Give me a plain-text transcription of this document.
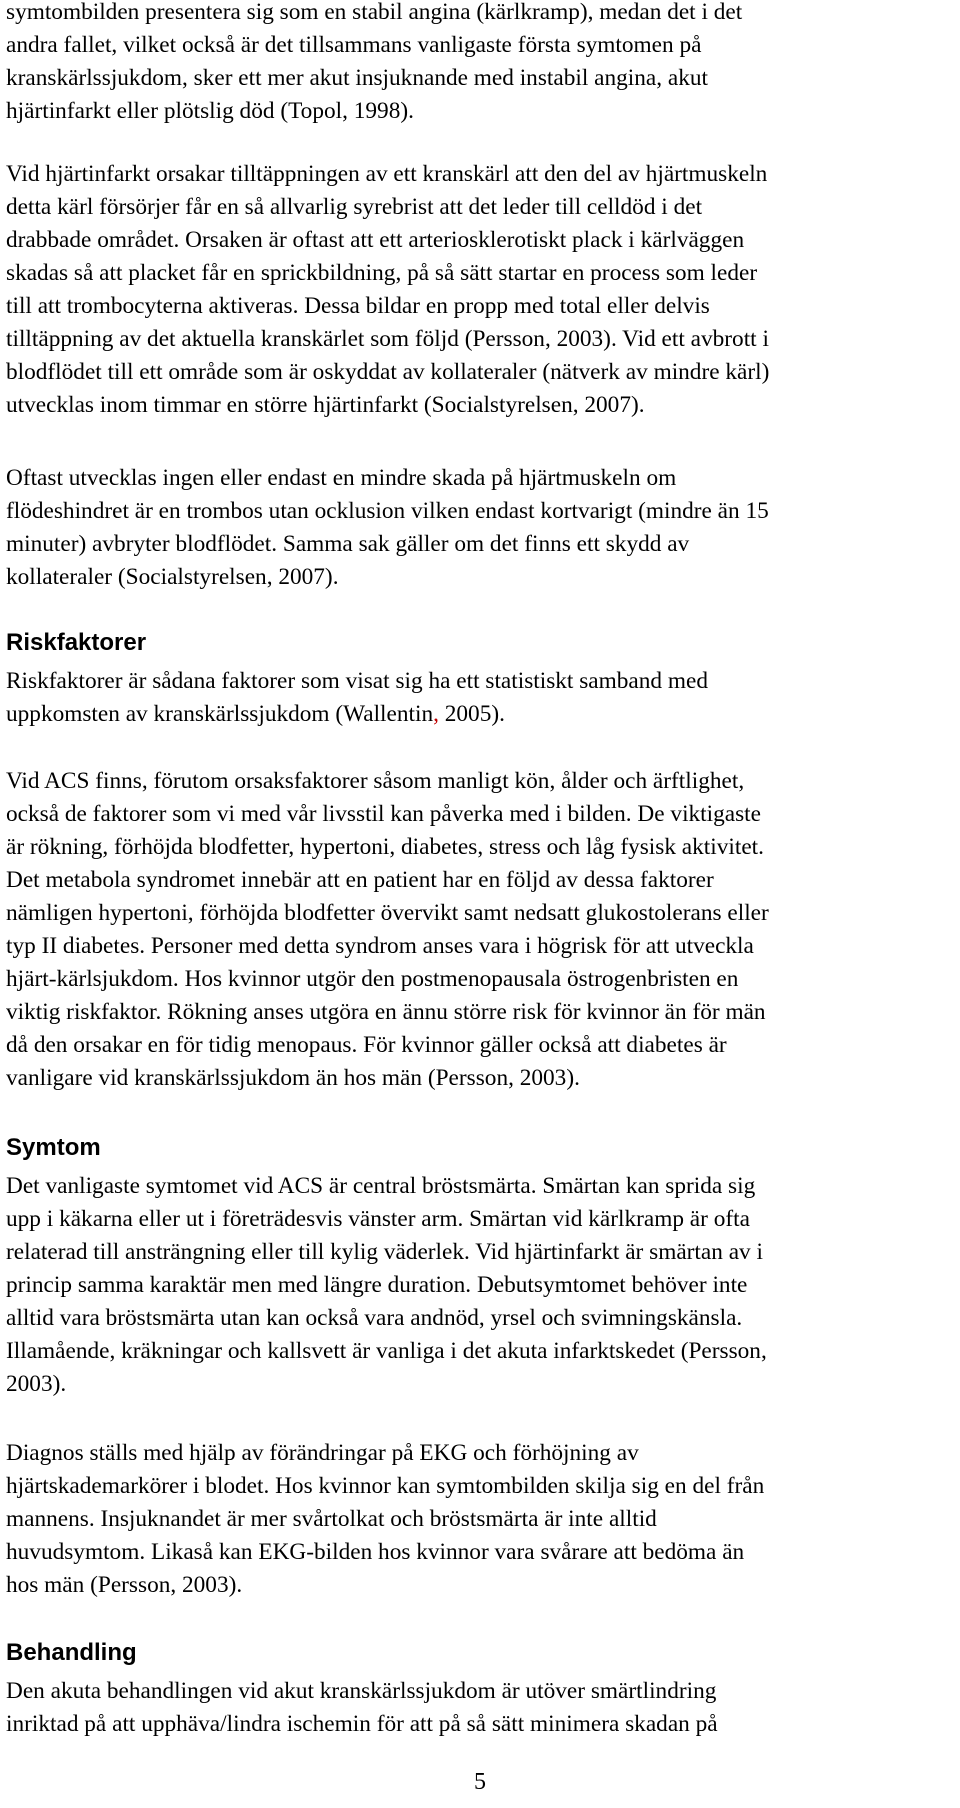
symtombilden presentera sig som en stabil angina (kärlkramp), medan det i det
andra fallet, vilket också är det tillsammans vanligaste första symtomen på
kranskärlssjukdom, sker ett mer akut insjuknande med instabil angina, akut
hjärtinfarkt eller plötslig död (Topol, 1998).
Vid hjärtinfarkt orsakar tilltäppningen av ett kranskärl att den del av hjärtmuskeln
detta kärl försörjer får en så allvarlig syrebrist att det leder till celldöd i det
drabbade området. Orsaken är oftast att ett arteriosklerotiskt plack i kärlväggen
skadas så att placket får en sprickbildning, på så sätt startar en process som leder
till att trombocyterna aktiveras. Dessa bildar en propp med total eller delvis
tilltäppning av det aktuella kranskärlet som följd (Persson, 2003). Vid ett avbrott i
blodflödet till ett område som är oskyddat av kollateraler (nätverk av mindre kärl)
utvecklas inom timmar en större hjärtinfarkt (Socialstyrelsen, 2007).
Oftast utvecklas ingen eller endast en mindre skada på hjärtmuskeln om
flödeshindret är en trombos utan ocklusion vilken endast kortvarigt (mindre än 15
minuter) avbryter blodflödet. Samma sak gäller om det finns ett skydd av
kollateraler (Socialstyrelsen, 2007).
Riskfaktorer
Riskfaktorer är sådana faktorer som visat sig ha ett statistiskt samband med
uppkomsten av kranskärlssjukdom (Wallentin, 2005).
Vid ACS finns, förutom orsaksfaktorer såsom manligt kön, ålder och ärftlighet,
också de faktorer som vi med vår livsstil kan påverka med i bilden. De viktigaste
är rökning, förhöjda blodfetter, hypertoni, diabetes, stress och låg fysisk aktivitet.
Det metabola syndromet innebär att en patient har en följd av dessa faktorer
nämligen hypertoni, förhöjda blodfetter övervikt samt nedsatt glukostolerans eller
typ II diabetes. Personer med detta syndrom anses vara i högrisk för att utveckla
hjärt-kärlsjukdom. Hos kvinnor utgör den postmenopausala östrogenbristen en
viktig riskfaktor. Rökning anses utgöra en ännu större risk för kvinnor än för män
då den orsakar en för tidig menopaus. För kvinnor gäller också att diabetes är
vanligare vid kranskärlssjukdom än hos män (Persson, 2003).
Symtom
Det vanligaste symtomet vid ACS är central bröstsmärta. Smärtan kan sprida sig
upp i käkarna eller ut i företrädesvis vänster arm. Smärtan vid kärlkramp är ofta
relaterad till ansträngning eller till kylig väderlek. Vid hjärtinfarkt är smärtan av i
princip samma karaktär men med längre duration. Debutsymtomet behöver inte
alltid vara bröstsmärta utan kan också vara andnöd, yrsel och svimningskänsla.
Illamående, kräkningar och kallsvett är vanliga i det akuta infarktskedet (Persson,
2003).
Diagnos ställs med hjälp av förändringar på EKG och förhöjning av
hjärtskademarkörer i blodet. Hos kvinnor kan symtombilden skilja sig en del från
mannens. Insjuknandet är mer svårtolkat och bröstsmärta är inte alltid
huvudsymtom. Likaså kan EKG-bilden hos kvinnor vara svårare att bedöma än
hos män (Persson, 2003).
Behandling
Den akuta behandlingen vid akut kranskärlssjukdom är utöver smärtlindring
inriktad på att upphäva/lindra ischemin för att på så sätt minimera skadan på
5
